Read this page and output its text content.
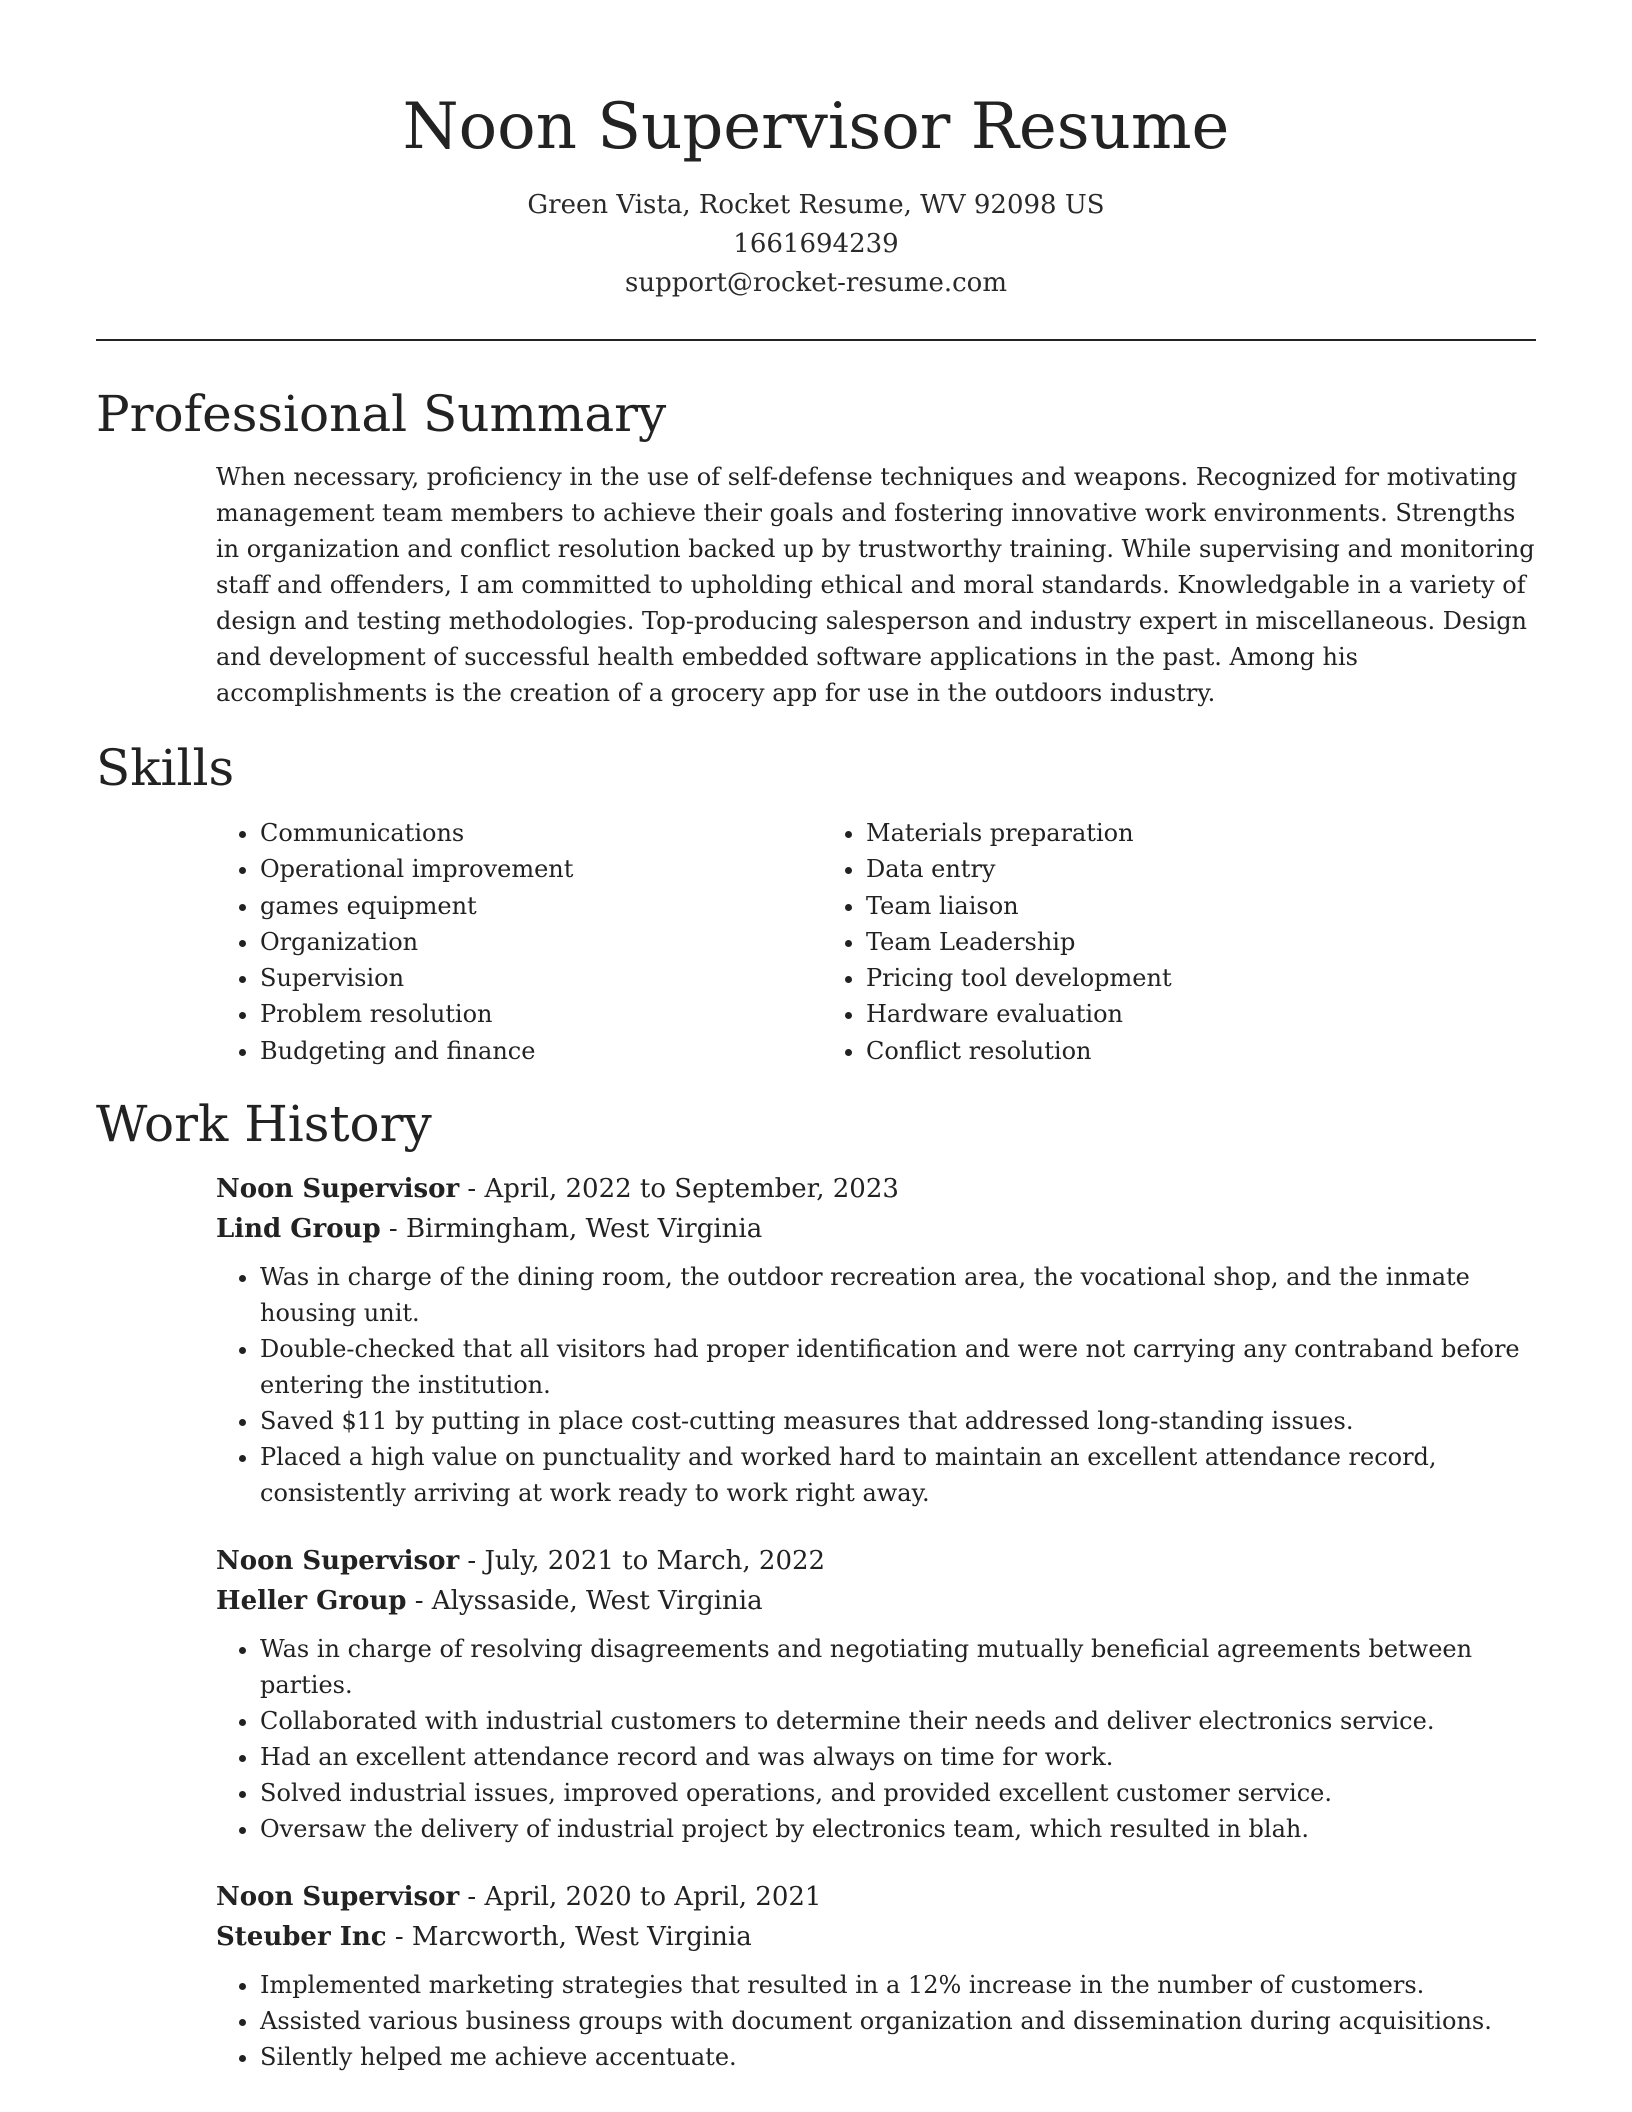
Noon Supervisor Resume
Green Vista, Rocket Resume, WV 92098 US
1661694239
support@rocket-resume.com
Professional Summary

When necessary, proficiency in the use of self-defense techniques and weapons. Recognized for motivating management team members to achieve their goals and fostering innovative work environments. Strengths in organization and conflict resolution backed up by trustworthy training. While supervising and monitoring staff and offenders, I am committed to upholding ethical and moral standards. Knowledgable in a variety of design and testing methodologies. Top-producing salesperson and industry expert in miscellaneous. Design and development of successful health embedded software applications in the past. Among his accomplishments is the creation of a grocery app for use in the outdoors industry.

Skills
• Communications
• Operational improvement
• games equipment
• Organization
• Supervision
• Problem resolution
• Budgeting and finance
• Materials preparation
• Data entry
• Team liaison
• Team Leadership
• Pricing tool development
• Hardware evaluation
• Conflict resolution
Work History
Noon Supervisor - April, 2022 to September, 2023
Lind Group - Birmingham, West Virginia
• Was in charge of the dining room, the outdoor recreation area, the vocational shop, and the inmate housing unit.
• Double-checked that all visitors had proper identification and were not carrying any contraband before entering the institution.
• Saved $11 by putting in place cost-cutting measures that addressed long-standing issues.
• Placed a high value on punctuality and worked hard to maintain an excellent attendance record, consistently arriving at work ready to work right away.
Noon Supervisor - July, 2021 to March, 2022
Heller Group - Alyssaside, West Virginia
• Was in charge of resolving disagreements and negotiating mutually beneficial agreements between parties.
• Collaborated with industrial customers to determine their needs and deliver electronics service.
• Had an excellent attendance record and was always on time for work.
• Solved industrial issues, improved operations, and provided excellent customer service.
• Oversaw the delivery of industrial project by electronics team, which resulted in blah.
Noon Supervisor - April, 2020 to April, 2021
Steuber Inc - Marcworth, West Virginia
• Implemented marketing strategies that resulted in a 12% increase in the number of customers.
• Assisted various business groups with document organization and dissemination during acquisitions.
• Silently helped me achieve accentuate.
